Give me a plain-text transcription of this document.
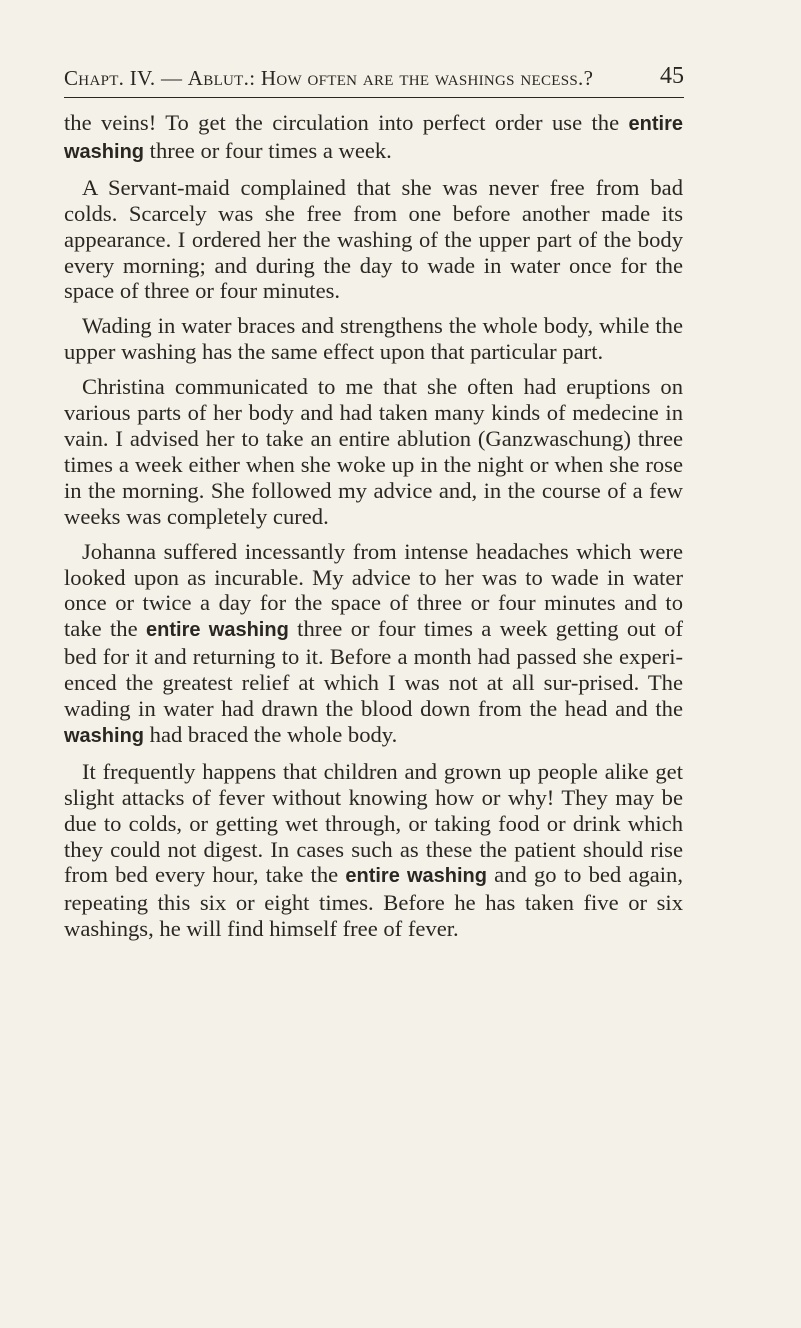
Chapt. IV. — Ablut.: How often are the washings necess.?	45

the veins! To get the circulation into perfect order use the entire washing three or four times a week.

A Servant-maid complained that she was never free from bad colds. Scarcely was she free from one before another made its appearance. I ordered her the washing of the upper part of the body every morning; and during the day to wade in water once for the space of three or four minutes.

Wading in water braces and strengthens the whole body, while the upper washing has the same effect upon that particular part.

Christina communicated to me that she often had eruptions on various parts of her body and had taken many kinds of medecine in vain. I advised her to take an entire ablution (Ganzwaschung) three times a week either when she woke up in the night or when she rose in the morning. She followed my advice and, in the course of a few weeks was completely cured.

Johanna suffered incessantly from intense headaches which were looked upon as incurable. My advice to her was to wade in water once or twice a day for the space of three or four minutes and to take the entire washing three or four times a week getting out of bed for it and returning to it. Before a month had passed she experi-enced the greatest relief at which I was not at all sur-prised. The wading in water had drawn the blood down from the head and the washing had braced the whole body.

It frequently happens that children and grown up people alike get slight attacks of fever without knowing how or why! They may be due to colds, or getting wet through, or taking food or drink which they could not digest. In cases such as these the patient should rise from bed every hour, take the entire washing and go to bed again, repeating this six or eight times. Before he has taken five or six washings, he will find himself free of fever.
